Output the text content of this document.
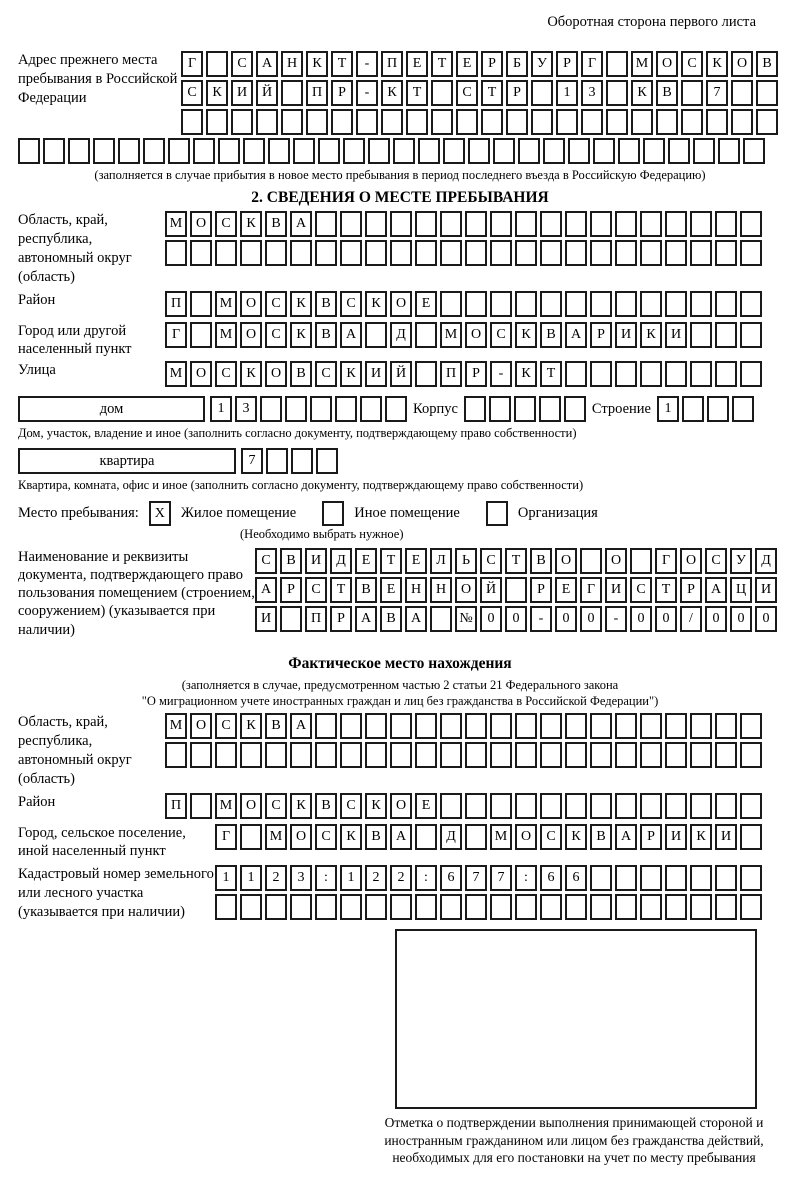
Оборотная сторона первого листа
Адрес прежнего места пребывания в Российской Федерации
Г	С А Н К Т - П Е Т Е Р Б У Р Г	М О С К О В
С К И Й	П Р - К Т	С Т Р	1 3	К В	7
(заполняется в случае прибытия в новое место пребывания в период последнего въезда в Российскую Федерацию)
2. СВЕДЕНИЯ О МЕСТЕ ПРЕБЫВАНИЯ
Область, край, республика, автономный округ (область)
М О С К В А
Район	П	М О С К В С К О Е
Город или другой населенный пункт
Г	М О С К В А	Д	М О С К В А Р И К И
Улица	М О С К О В С К И Й	П Р - К Т
дом	1 3	Корпус	Строение 1
Дом, участок, владение и иное (заполнить согласно документу, подтверждающему право собственности)
квартира	7
Квартира, комната, офис и иное (заполнить согласно документу, подтверждающему право собственности)
Место пребывания:	X	Жилое помещение	Иное помещение	Организация
(Необходимо выбрать нужное)
Наименование и реквизиты документа, подтверждающего право пользования помещением (строением, сооружением) (указывается при наличии)
С В И Д Е Т Е Л Ь С Т В О	О	Г О С У Д
А Р С Т В Е Н Н О Й	Р Е Г И С Т Р А Ц И
И	П Р А В А	№ 0 0 - 0 0 - 0 0 / 0 0 0
Фактическое место нахождения
(заполняется в случае, предусмотренном частью 2 статьи 21 Федерального закона
"О миграционном учете иностранных граждан и лиц без гражданства в Российской Федерации")
Область, край, республика, автономный округ (область)
М О С К В А
Район	П	М О С К В С К О Е
Город, сельское поселение, иной населенный пункт
Г	М О С К В А	Д	М О С К В А Р И К И
Кадастровый номер земельного или лесного участка (указывается при наличии)
1 1 2 3 : 1 2 2 : 6 7 7 : 6 6
Отметка о подтверждении выполнения принимающей стороной и иностранным гражданином или лицом без гражданства действий, необходимых для его постановки на учет по месту пребывания
